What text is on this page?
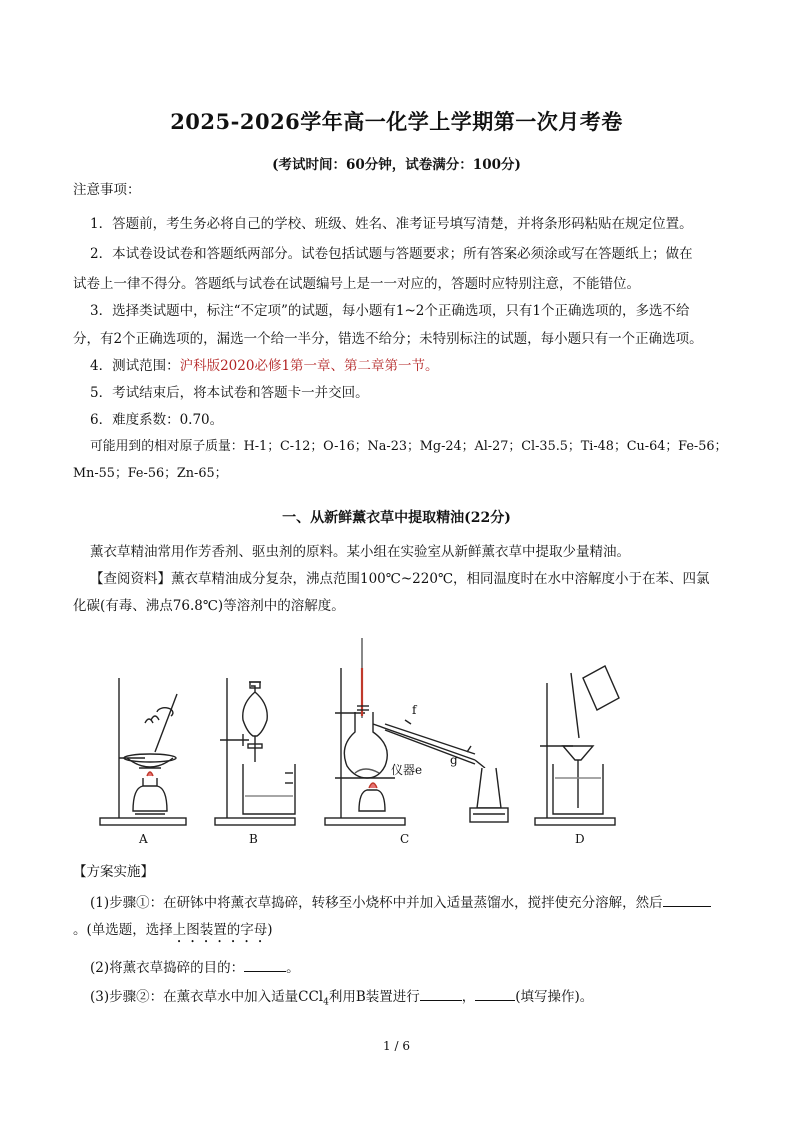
2025-2026学年高一化学上学期第一次月考卷
(考试时间：60分钟，试卷满分：100分)
注意事项：
1．答题前，考生务必将自己的学校、班级、姓名、准考证号填写清楚，并将条形码粘贴在规定位置。
2．本试卷设试卷和答题纸两部分。试卷包括试题与答题要求；所有答案必须涂或写在答题纸上；做在
试卷上一律不得分。答题纸与试卷在试题编号上是一一对应的，答题时应特别注意，不能错位。
3．选择类试题中，标注“不定项”的试题，每小题有1~2个正确选项，只有1个正确选项的，多选不给
分，有2个正确选项的，漏选一个给一半分，错选不给分；未特别标注的试题，每小题只有一个正确选项。
4．测试范围：沪科版2020必修1第一章、第二章第一节。
5．考试结束后，将本试卷和答题卡一并交回。
6．难度系数：0.70。
可能用到的相对原子质量：H-1；C-12；O-16；Na-23；Mg-24；Al-27；Cl-35.5；Ti-48；Cu-64；Fe-56；
Mn-55；Fe-56；Zn-65；
一、从新鲜薰衣草中提取精油(22分)
薰衣草精油常用作芳香剂、驱虫剂的原料。某小组在实验室从新鲜薰衣草中提取少量精油。
【查阅资料】薰衣草精油成分复杂，沸点范围100℃~220℃，相同温度时在水中溶解度小于在苯、四氯
化碳(有毒、沸点76.8℃)等溶剂中的溶解度。
A	B	C	D
f
g
仪器e
【方案实施】
(1)步骤①：在研钵中将薰衣草捣碎，转移至小烧杯中并加入适量蒸馏水，搅拌使充分溶解，然后
。(单选题，选择上图装置的字母)
(2)将薰衣草捣碎的目的：	。
(3)步骤②：在薰衣草水中加入适量CCl$_4$利用B装置进行	，	(填写操作)。
1 / 6
